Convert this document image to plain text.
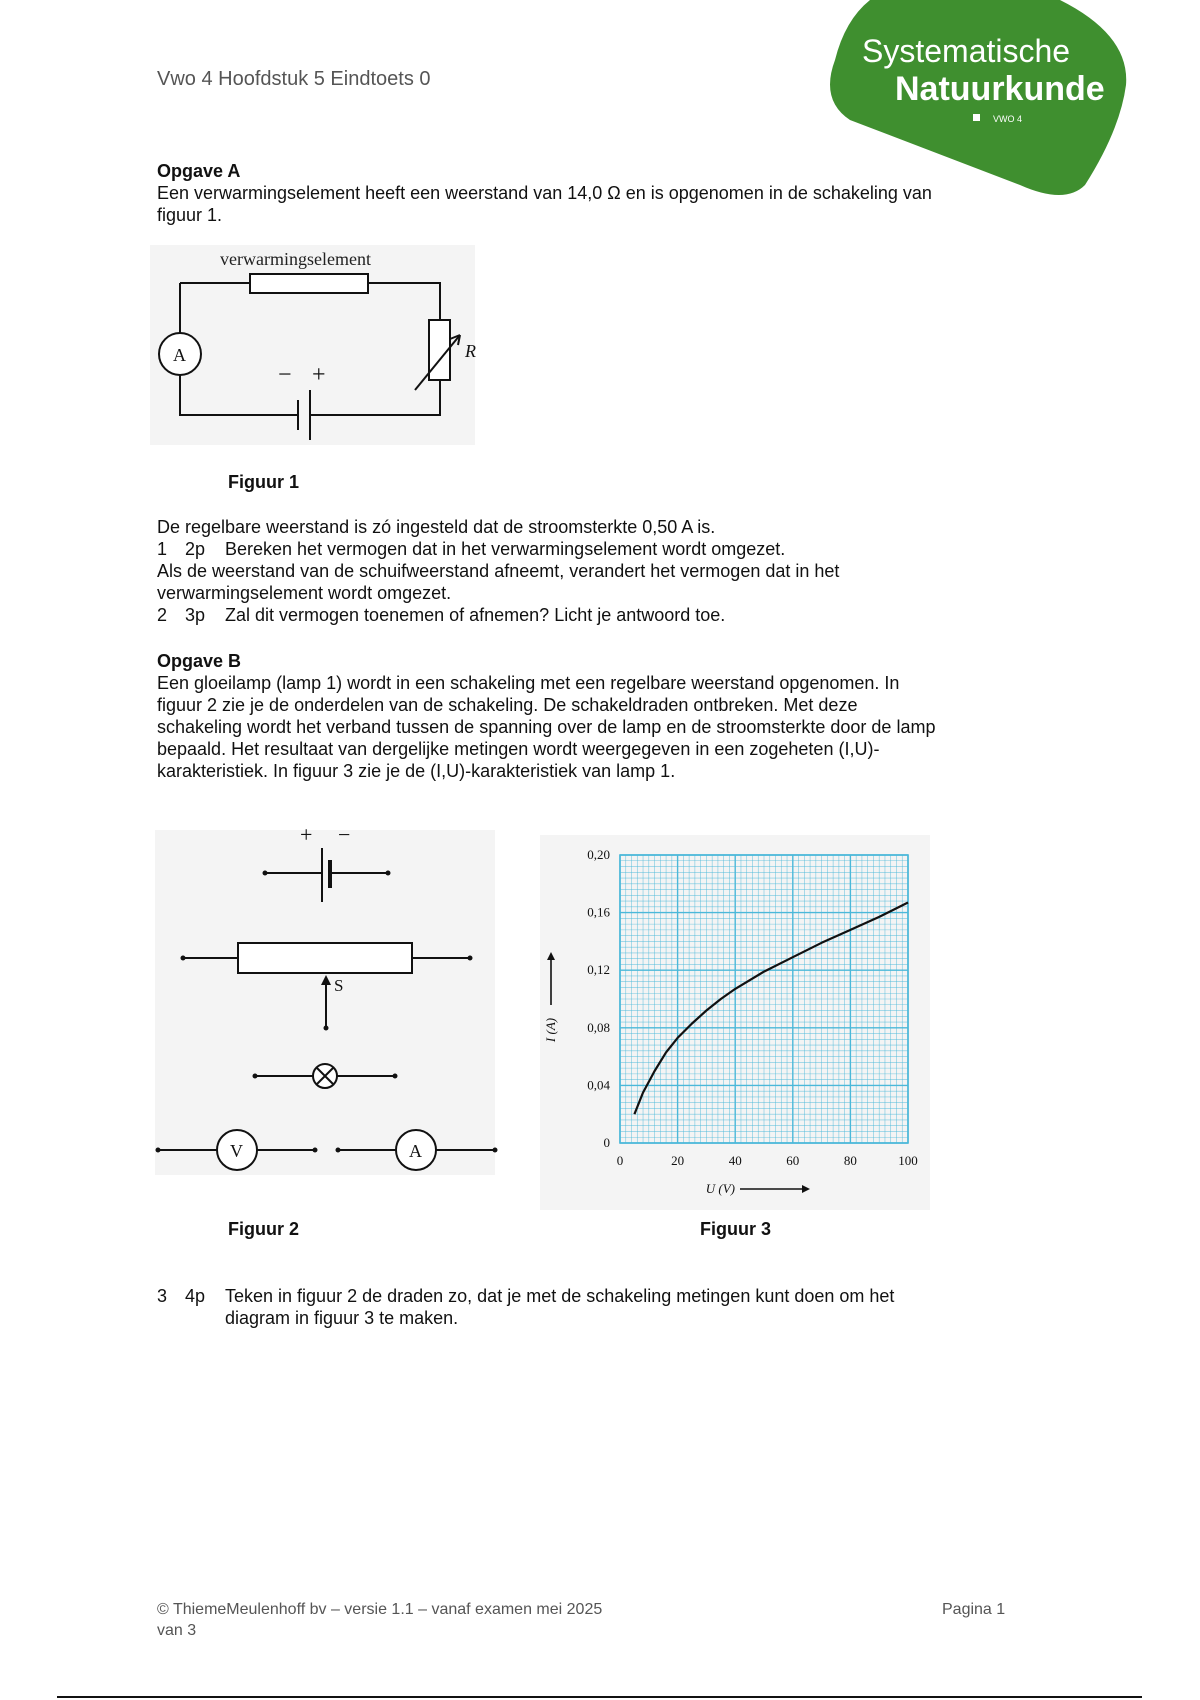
Vwo 4 Hoofdstuk 5 Eindtoets 0
Systematische
Natuurkunde
VWO 4
Opgave A
Een verwarmingselement heeft een weerstand van 14,0 Ω en is opgenomen in de schakeling van
figuur 1.
verwarmingselement
A	R
− +
Figuur 1
De regelbare weerstand is zó ingesteld dat de stroomsterkte 0,50 A is.
1 2p Bereken het vermogen dat in het verwarmingselement wordt omgezet.
Als de weerstand van de schuifweerstand afneemt, verandert het vermogen dat in het
verwarmingselement wordt omgezet.
2 3p Zal dit vermogen toenemen of afnemen? Licht je antwoord toe.
Opgave B
Een gloeilamp (lamp 1) wordt in een schakeling met een regelbare weerstand opgenomen. In
figuur 2 zie je de onderdelen van de schakeling. De schakeldraden ontbreken. Met deze
schakeling wordt het verband tussen de spanning over de lamp en de stroomsterkte door de lamp
bepaald. Het resultaat van dergelijke metingen wordt weergegeven in een zogeheten (I,U)-
karakteristiek. In figuur 3 zie je de (I,U)-karakteristiek van lamp 1.
+ −
S
V	A
Figuur 2
0	20	40	60	80	100
0
0,04
0,08
0,12
0,16
0,20
U (V)
I (A)
Figuur 3
3 4p Teken in figuur 2 de draden zo, dat je met de schakeling metingen kunt doen om het
diagram in figuur 3 te maken.
© ThiemeMeulenhoff bv – versie 1.1 – vanaf examen mei 2025
van 3
Pagina 1
